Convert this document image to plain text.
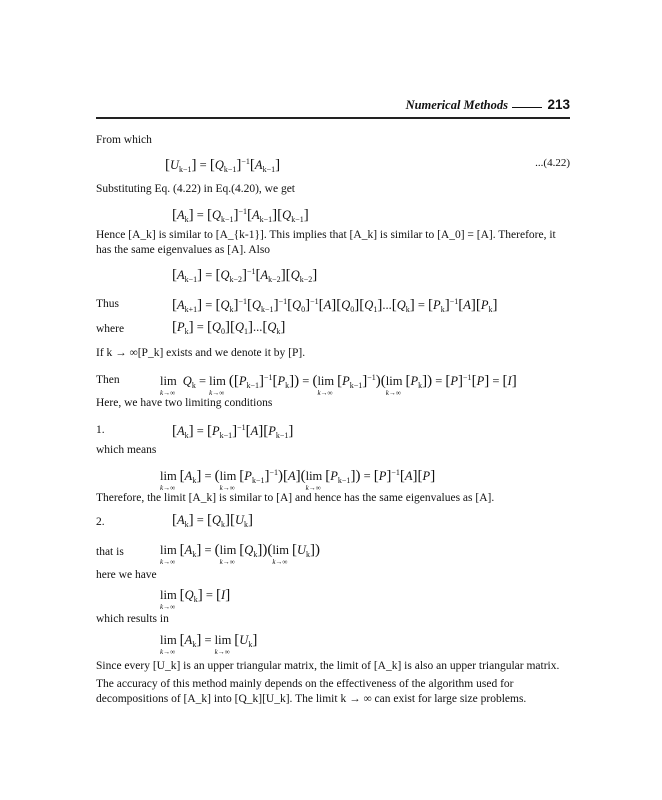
Numerical Methods	213
From which
$[U_{k-1}] = [Q_{k-1}]^{-1}[A_{k-1}]$	...(4.22)
Substituting Eq. (4.22) in Eq.(4.20), we get
$[A_k] = [Q_{k-1}]^{-1}[A_{k-1}][Q_{k-1}]$
Hence [A_k] is similar to [A_{k-1}]. This implies that [A_k] is similar to [A_0] = [A]. Therefore, it has the same eigenvalues as [A]. Also
$[A_{k-1}] = [Q_{k-2}]^{-1}[A_{k-2}][Q_{k-2}]$
Thus	$[A_{k+1}] = [Q_k]^{-1}[Q_{k-1}]^{-1}[Q_0]^{-1}[A][Q_0][Q_1]...[Q_k] = [P_k]^{-1}[A][P_k]$
where	$[P_k] = [Q_0][Q_1]...[Q_k]$
If k → ∞[P_k] exists and we denote it by [P].
Then	lim
k→∞
$Q_k = \lim$
k→∞
$([P_{k-1}]^{-1}[P_k]) = (\lim$
k→∞
$[P_{k-1}]^{-1})(\lim$
k→∞
$[P_k]) = [P]^{-1}[P] = [I]$
Here, we have two limiting conditions
1.	$[A_k] = [P_{k-1}]^{-1}[A][P_{k-1}]$
which means
lim
k→∞
$[A_k] = (\lim$
k→∞
$[P_{k-1}]^{-1})[A](\lim$
k→∞
$[P_{k-1}]) = [P]^{-1}[A][P]$
Therefore, the limit [A_k] is similar to [A] and hence has the same eigenvalues as [A].
2.	$[A_k] = [Q_k][U_k]$
that is	lim
k→∞
$[A_k] = (\lim$
k→∞
$[Q_k])(\lim$
k→∞
$[U_k]$)
here we have
lim
k→∞
$[Q_k] = [I]$
which results in
lim
k→∞
$[A_k] = \lim$
k→∞
$[U_k]$
Since every [U_k] is an upper triangular matrix, the limit of [A_k] is also an upper triangular matrix.
The accuracy of this method mainly depends on the effectiveness of the algorithm used for decompositions of [A_k] into [Q_k][U_k]. The limit k → ∞ can exist for large size problems.
